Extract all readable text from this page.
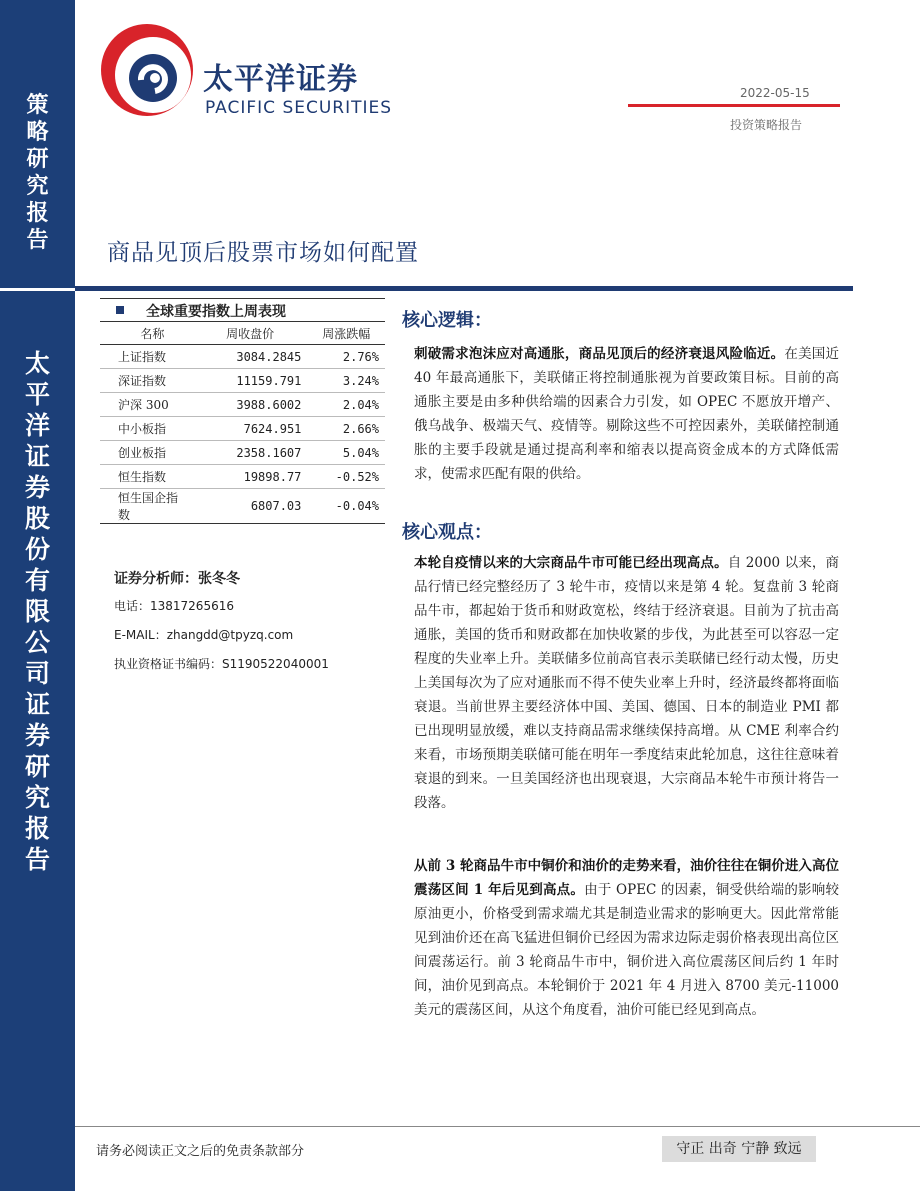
策
略
研
究
报
告
太
平
洋
证
券
股
份
有
限
公
司
证
券
研
究
报
告
太平洋证券
PACIFIC SECURITIES
2022-05-15
投资策略报告
商品见顶后股票市场如何配置
全球重要指数上周表现
名称	周收盘价	周涨跌幅
上证指数	3084.2845	2.76%
深证指数	11159.791	3.24%
沪深 300	3988.6002	2.04%
中小板指	7624.951	2.66%
创业板指	2358.1607	5.04%
恒生指数	19898.77	-0.52%
恒生国企指数	6807.03	-0.04%
证券分析师：张冬冬
电话：13817265616
E-MAIL：zhangdd@tpyzq.com
执业资格证书编码：S1190522040001
核心逻辑：
刺破需求泡沫应对高通胀，商品见顶后的经济衰退风险临近。在美国近 40 年最高通胀下，美联储正将控制通胀视为首要政策目标。目前的高通胀主要是由多种供给端的因素合力引发，如 OPEC 不愿放开增产、俄乌战争、极端天气、疫情等。剔除这些不可控因素外，美联储控制通胀的主要手段就是通过提高利率和缩表以提高资金成本的方式降低需求，使需求匹配有限的供给。
核心观点：
本轮自疫情以来的大宗商品牛市可能已经出现高点。自 2000 以来，商品行情已经完整经历了 3 轮牛市，疫情以来是第 4 轮。复盘前 3 轮商品牛市，都起始于货币和财政宽松，终结于经济衰退。目前为了抗击高通胀，美国的货币和财政都在加快收紧的步伐，为此甚至可以容忍一定程度的失业率上升。美联储多位前高官表示美联储已经行动太慢，历史上美国每次为了应对通胀而不得不使失业率上升时，经济最终都将面临衰退。当前世界主要经济体中国、美国、德国、日本的制造业 PMI 都已出现明显放缓，难以支持商品需求继续保持高增。从 CME 利率合约来看，市场预期美联储可能在明年一季度结束此轮加息，这往往意味着衰退的到来。一旦美国经济也出现衰退，大宗商品本轮牛市预计将告一段落。
从前 3 轮商品牛市中铜价和油价的走势来看，油价往往在铜价进入高位震荡区间 1 年后见到高点。由于 OPEC 的因素，铜受供给端的影响较原油更小，价格受到需求端尤其是制造业需求的影响更大。因此常常能见到油价还在高飞猛进但铜价已经因为需求边际走弱价格表现出高位区间震荡运行。前 3 轮商品牛市中，铜价进入高位震荡区间后约 1 年时间，油价见到高点。本轮铜价于 2021 年 4 月进入 8700 美元-11000 美元的震荡区间，从这个角度看，油价可能已经见到高点。
请务必阅读正文之后的免责条款部分	守正 出奇 宁静 致远
